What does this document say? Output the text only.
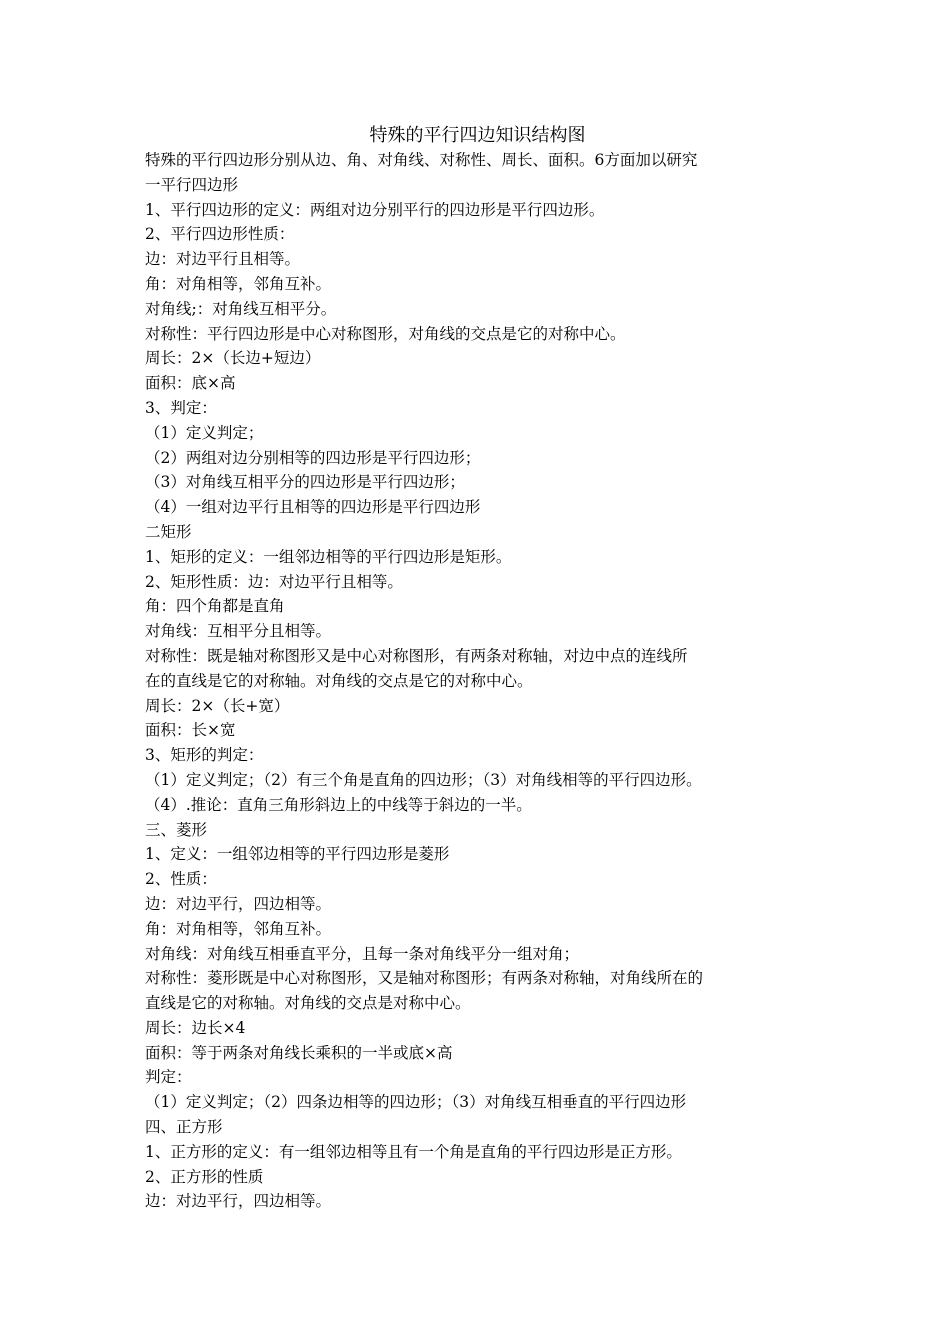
特殊的平行四边知识结构图

特殊的平行四边形分别从边、角、对角线、对称性、周长、面积。6方面加以研究

一平行四边形

1、平行四边形的定义：两组对边分别平行的四边形是平行四边形。

2、平行四边形性质：

边：对边平行且相等。

角：对角相等，邻角互补。

对角线;：对角线互相平分。

对称性：平行四边形是中心对称图形，对角线的交点是它的对称中心。

周长：2×（长边+短边）

面积：底×高

3、判定：

（1）定义判定；

（2）两组对边分别相等的四边形是平行四边形；

（3）对角线互相平分的四边形是平行四边形；

（4）一组对边平行且相等的四边形是平行四边形

二矩形

1、矩形的定义：一组邻边相等的平行四边形是矩形。

2、矩形性质：边：对边平行且相等。

角：四个角都是直角

对角线：互相平分且相等。

对称性：既是轴对称图形又是中心对称图形，有两条对称轴，对边中点的连线所

在的直线是它的对称轴。对角线的交点是它的对称中心。

周长：2×（长+宽）

面积：长×宽

3、矩形的判定：

（1）定义判定；（2）有三个角是直角的四边形；（3）对角线相等的平行四边形。

（4）.推论：直角三角形斜边上的中线等于斜边的一半。

三、菱形

1、定义：一组邻边相等的平行四边形是菱形

2、性质：

边：对边平行，四边相等。

角：对角相等，邻角互补。

对角线：对角线互相垂直平分，且每一条对角线平分一组对角；

对称性：菱形既是中心对称图形，又是轴对称图形；有两条对称轴，对角线所在的

直线是它的对称轴。对角线的交点是对称中心。

周长：边长×4

面积：等于两条对角线长乘积的一半或底×高

判定：

（1）定义判定；（2）四条边相等的四边形；（3）对角线互相垂直的平行四边形

四、正方形

1、正方形的定义：有一组邻边相等且有一个角是直角的平行四边形是正方形。

2、正方形的性质

边：对边平行，四边相等。
